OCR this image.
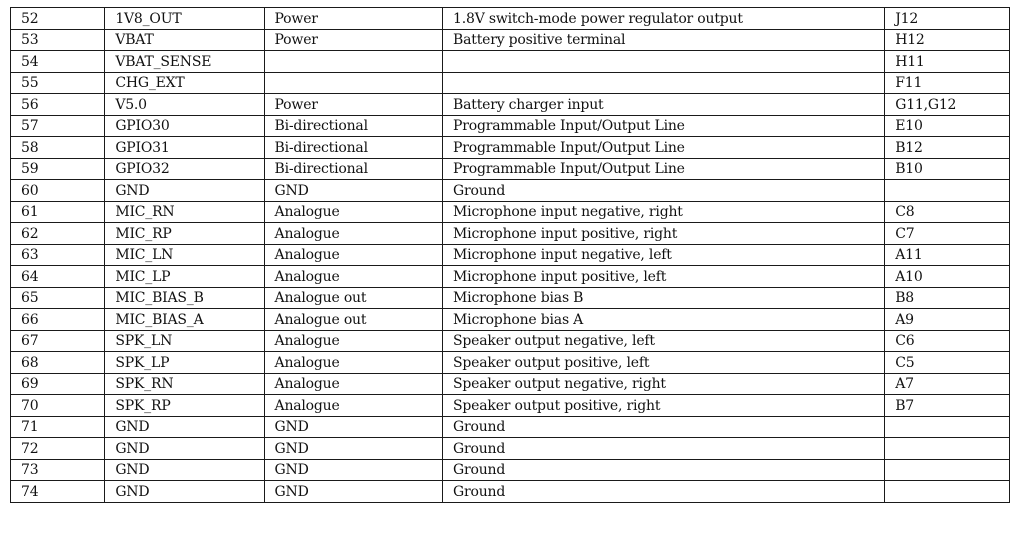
52	1V8_OUT	Power	1.8V switch-mode power regulator output	J12
53	VBAT	Power	Battery positive terminal	H12
54	VBAT_SENSE			H11
55	CHG_EXT			F11
56	V5.0	Power	Battery charger input	G11,G12
57	GPIO30	Bi-directional	Programmable Input/Output Line	E10
58	GPIO31	Bi-directional	Programmable Input/Output Line	B12
59	GPIO32	Bi-directional	Programmable Input/Output Line	B10
60	GND	GND	Ground	
61	MIC_RN	Analogue	Microphone input negative, right	C8
62	MIC_RP	Analogue	Microphone input positive, right	C7
63	MIC_LN	Analogue	Microphone input negative, left	A11
64	MIC_LP	Analogue	Microphone input positive, left	A10
65	MIC_BIAS_B	Analogue out	Microphone bias B	B8
66	MIC_BIAS_A	Analogue out	Microphone bias A	A9
67	SPK_LN	Analogue	Speaker output negative, left	C6
68	SPK_LP	Analogue	Speaker output positive, left	C5
69	SPK_RN	Analogue	Speaker output negative, right	A7
70	SPK_RP	Analogue	Speaker output positive, right	B7
71	GND	GND	Ground	
72	GND	GND	Ground	
73	GND	GND	Ground	
74	GND	GND	Ground	
